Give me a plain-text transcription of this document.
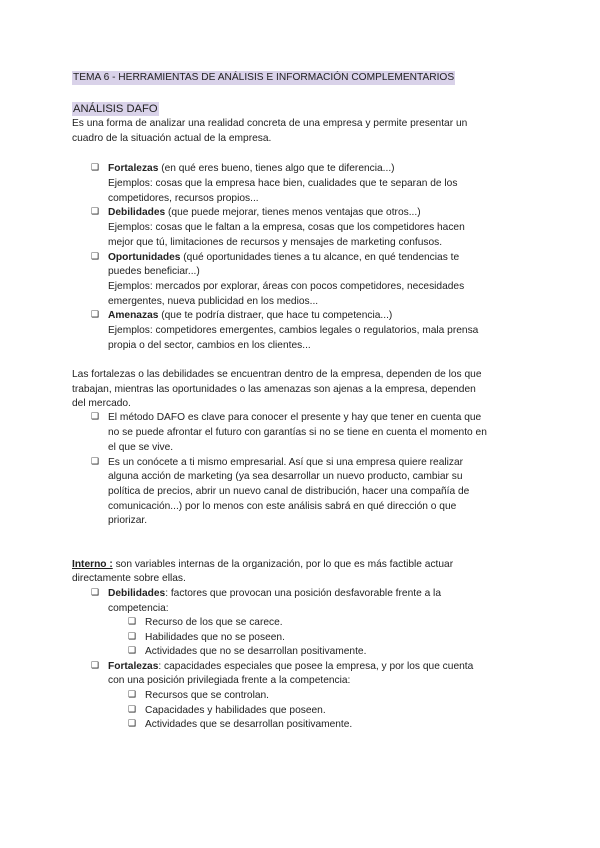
TEMA 6 - HERRAMIENTAS DE ANÁLISIS E INFORMACIÓN COMPLEMENTARIOS
ANÁLISIS DAFO
Es una forma de analizar una realidad concreta de una empresa y permite presentar un
cuadro de la situación actual de la empresa.
❑ Fortalezas (en qué eres bueno, tienes algo que te diferencia...)
Ejemplos: cosas que la empresa hace bien, cualidades que te separan de los
competidores, recursos propios...
❑ Debilidades (que puede mejorar, tienes menos ventajas que otros...)
Ejemplos: cosas que le faltan a la empresa, cosas que los competidores hacen
mejor que tú, limitaciones de recursos y mensajes de marketing confusos.
❑ Oportunidades (qué oportunidades tienes a tu alcance, en qué tendencias te
puedes beneficiar...)
Ejemplos: mercados por explorar, áreas con pocos competidores, necesidades
emergentes, nueva publicidad en los medios...
❑ Amenazas (que te podría distraer, que hace tu competencia...)
Ejemplos: competidores emergentes, cambios legales o regulatorios, mala prensa
propia o del sector, cambios en los clientes...
Las fortalezas o las debilidades se encuentran dentro de la empresa, dependen de los que
trabajan, mientras las oportunidades o las amenazas son ajenas a la empresa, dependen
del mercado.
❑ El método DAFO es clave para conocer el presente y hay que tener en cuenta que
no se puede afrontar el futuro con garantías si no se tiene en cuenta el momento en
el que se vive.
❑ Es un conócete a ti mismo empresarial. Así que si una empresa quiere realizar
alguna acción de marketing (ya sea desarrollar un nuevo producto, cambiar su
política de precios, abrir un nuevo canal de distribución, hacer una compañía de
comunicación...) por lo menos con este análisis sabrá en qué dirección o que
priorizar.
Interno : son variables internas de la organización, por lo que es más factible actuar
directamente sobre ellas.
❑ Debilidades: factores que provocan una posición desfavorable frente a la
competencia:
❑ Recurso de los que se carece.
❑ Habilidades que no se poseen.
❑ Actividades que no se desarrollan positivamente.
❑ Fortalezas: capacidades especiales que posee la empresa, y por los que cuenta
con una posición privilegiada frente a la competencia:
❑ Recursos que se controlan.
❑ Capacidades y habilidades que poseen.
❑ Actividades que se desarrollan positivamente.
